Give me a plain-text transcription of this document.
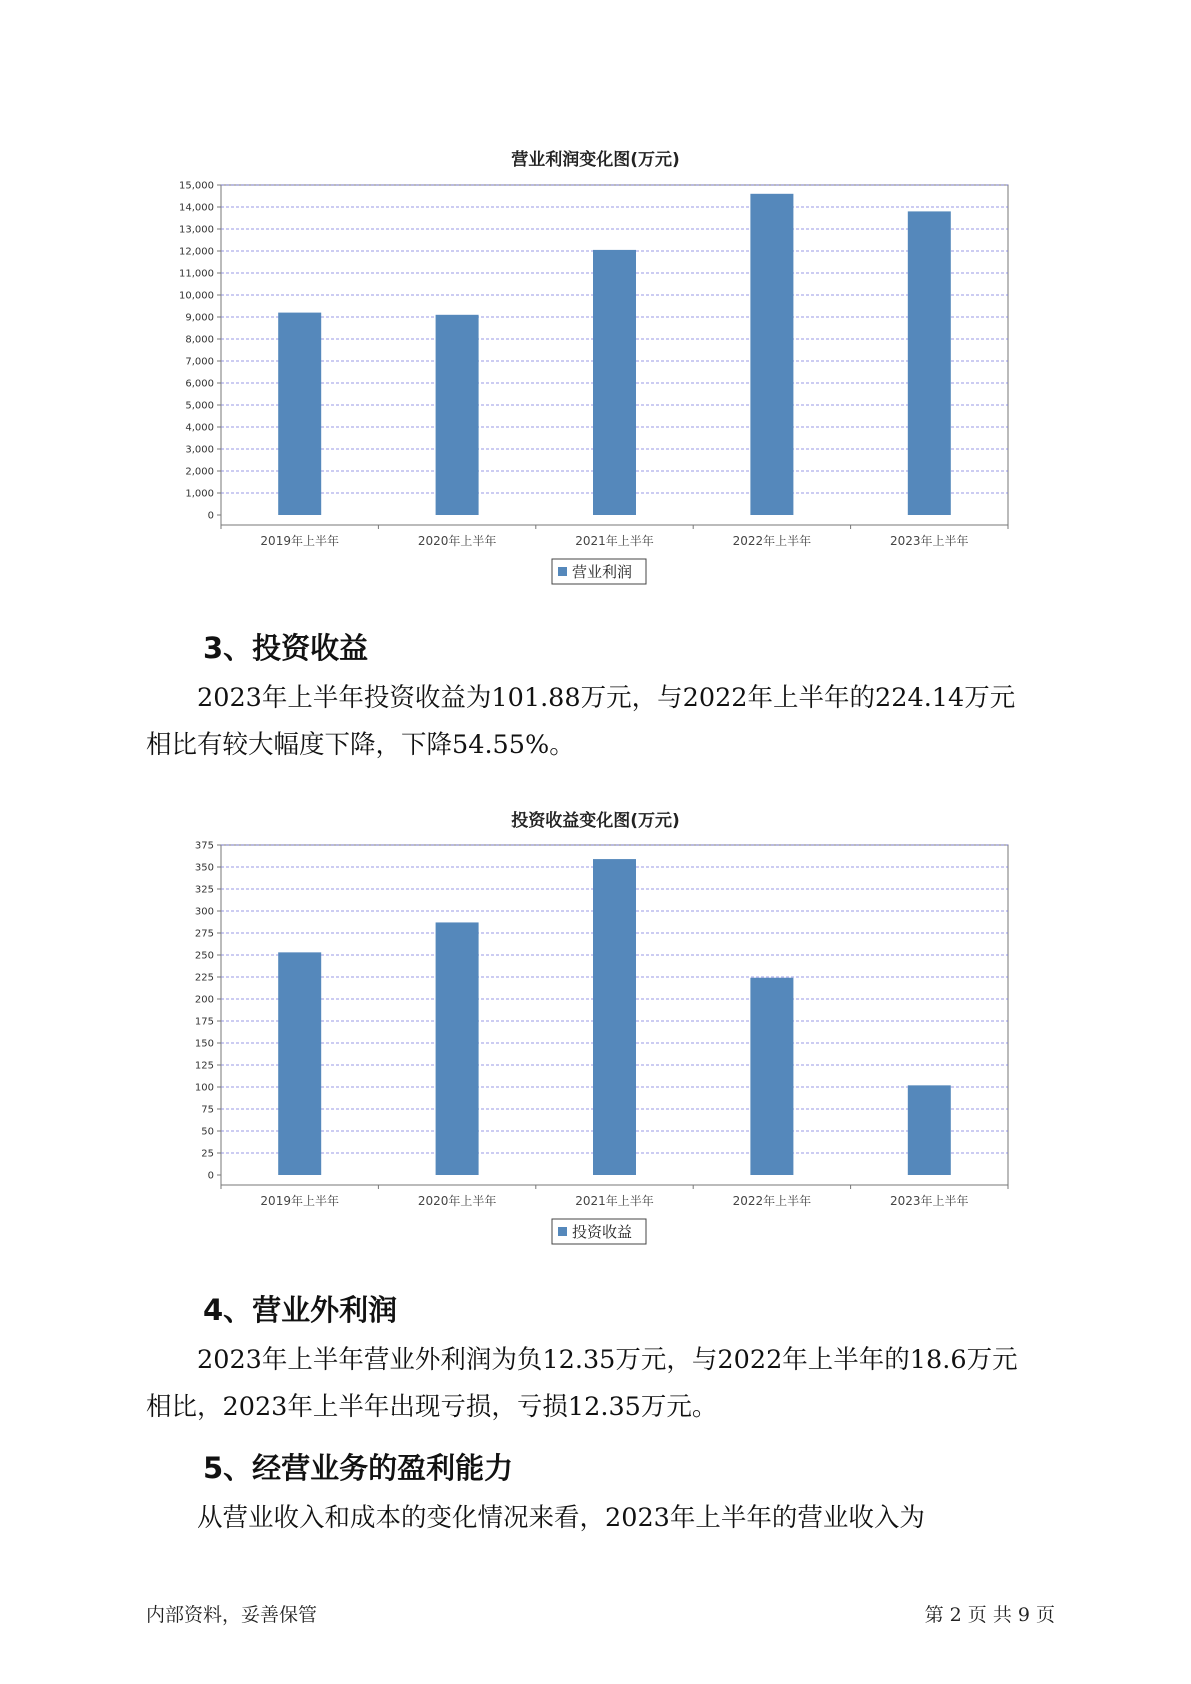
营业利润变化图(万元)
0
1,000
2,000
3,000
4,000
5,000
6,000
7,000
8,000
9,000
10,000
11,000
12,000
13,000
14,000
15,000
2019年上半年	2020年上半年	2021年上半年	2022年上半年	2023年上半年
营业利润
3、投资收益

2023年上半年投资收益为101.88万元，与2022年上半年的224.14万元
相比有较大幅度下降，下降54.55%。

投资收益变化图(万元)
0
25
50
75
100
125
150
175
200
225
250
275
300
325
350
375
2019年上半年	2020年上半年	2021年上半年	2022年上半年	2023年上半年
投资收益
4、营业外利润

2023年上半年营业外利润为负12.35万元，与2022年上半年的18.6万元
相比，2023年上半年出现亏损，亏损12.35万元。

5、经营业务的盈利能力

从营业收入和成本的变化情况来看，2023年上半年的营业收入为

内部资料，妥善保管	第 2 页 共 9 页
